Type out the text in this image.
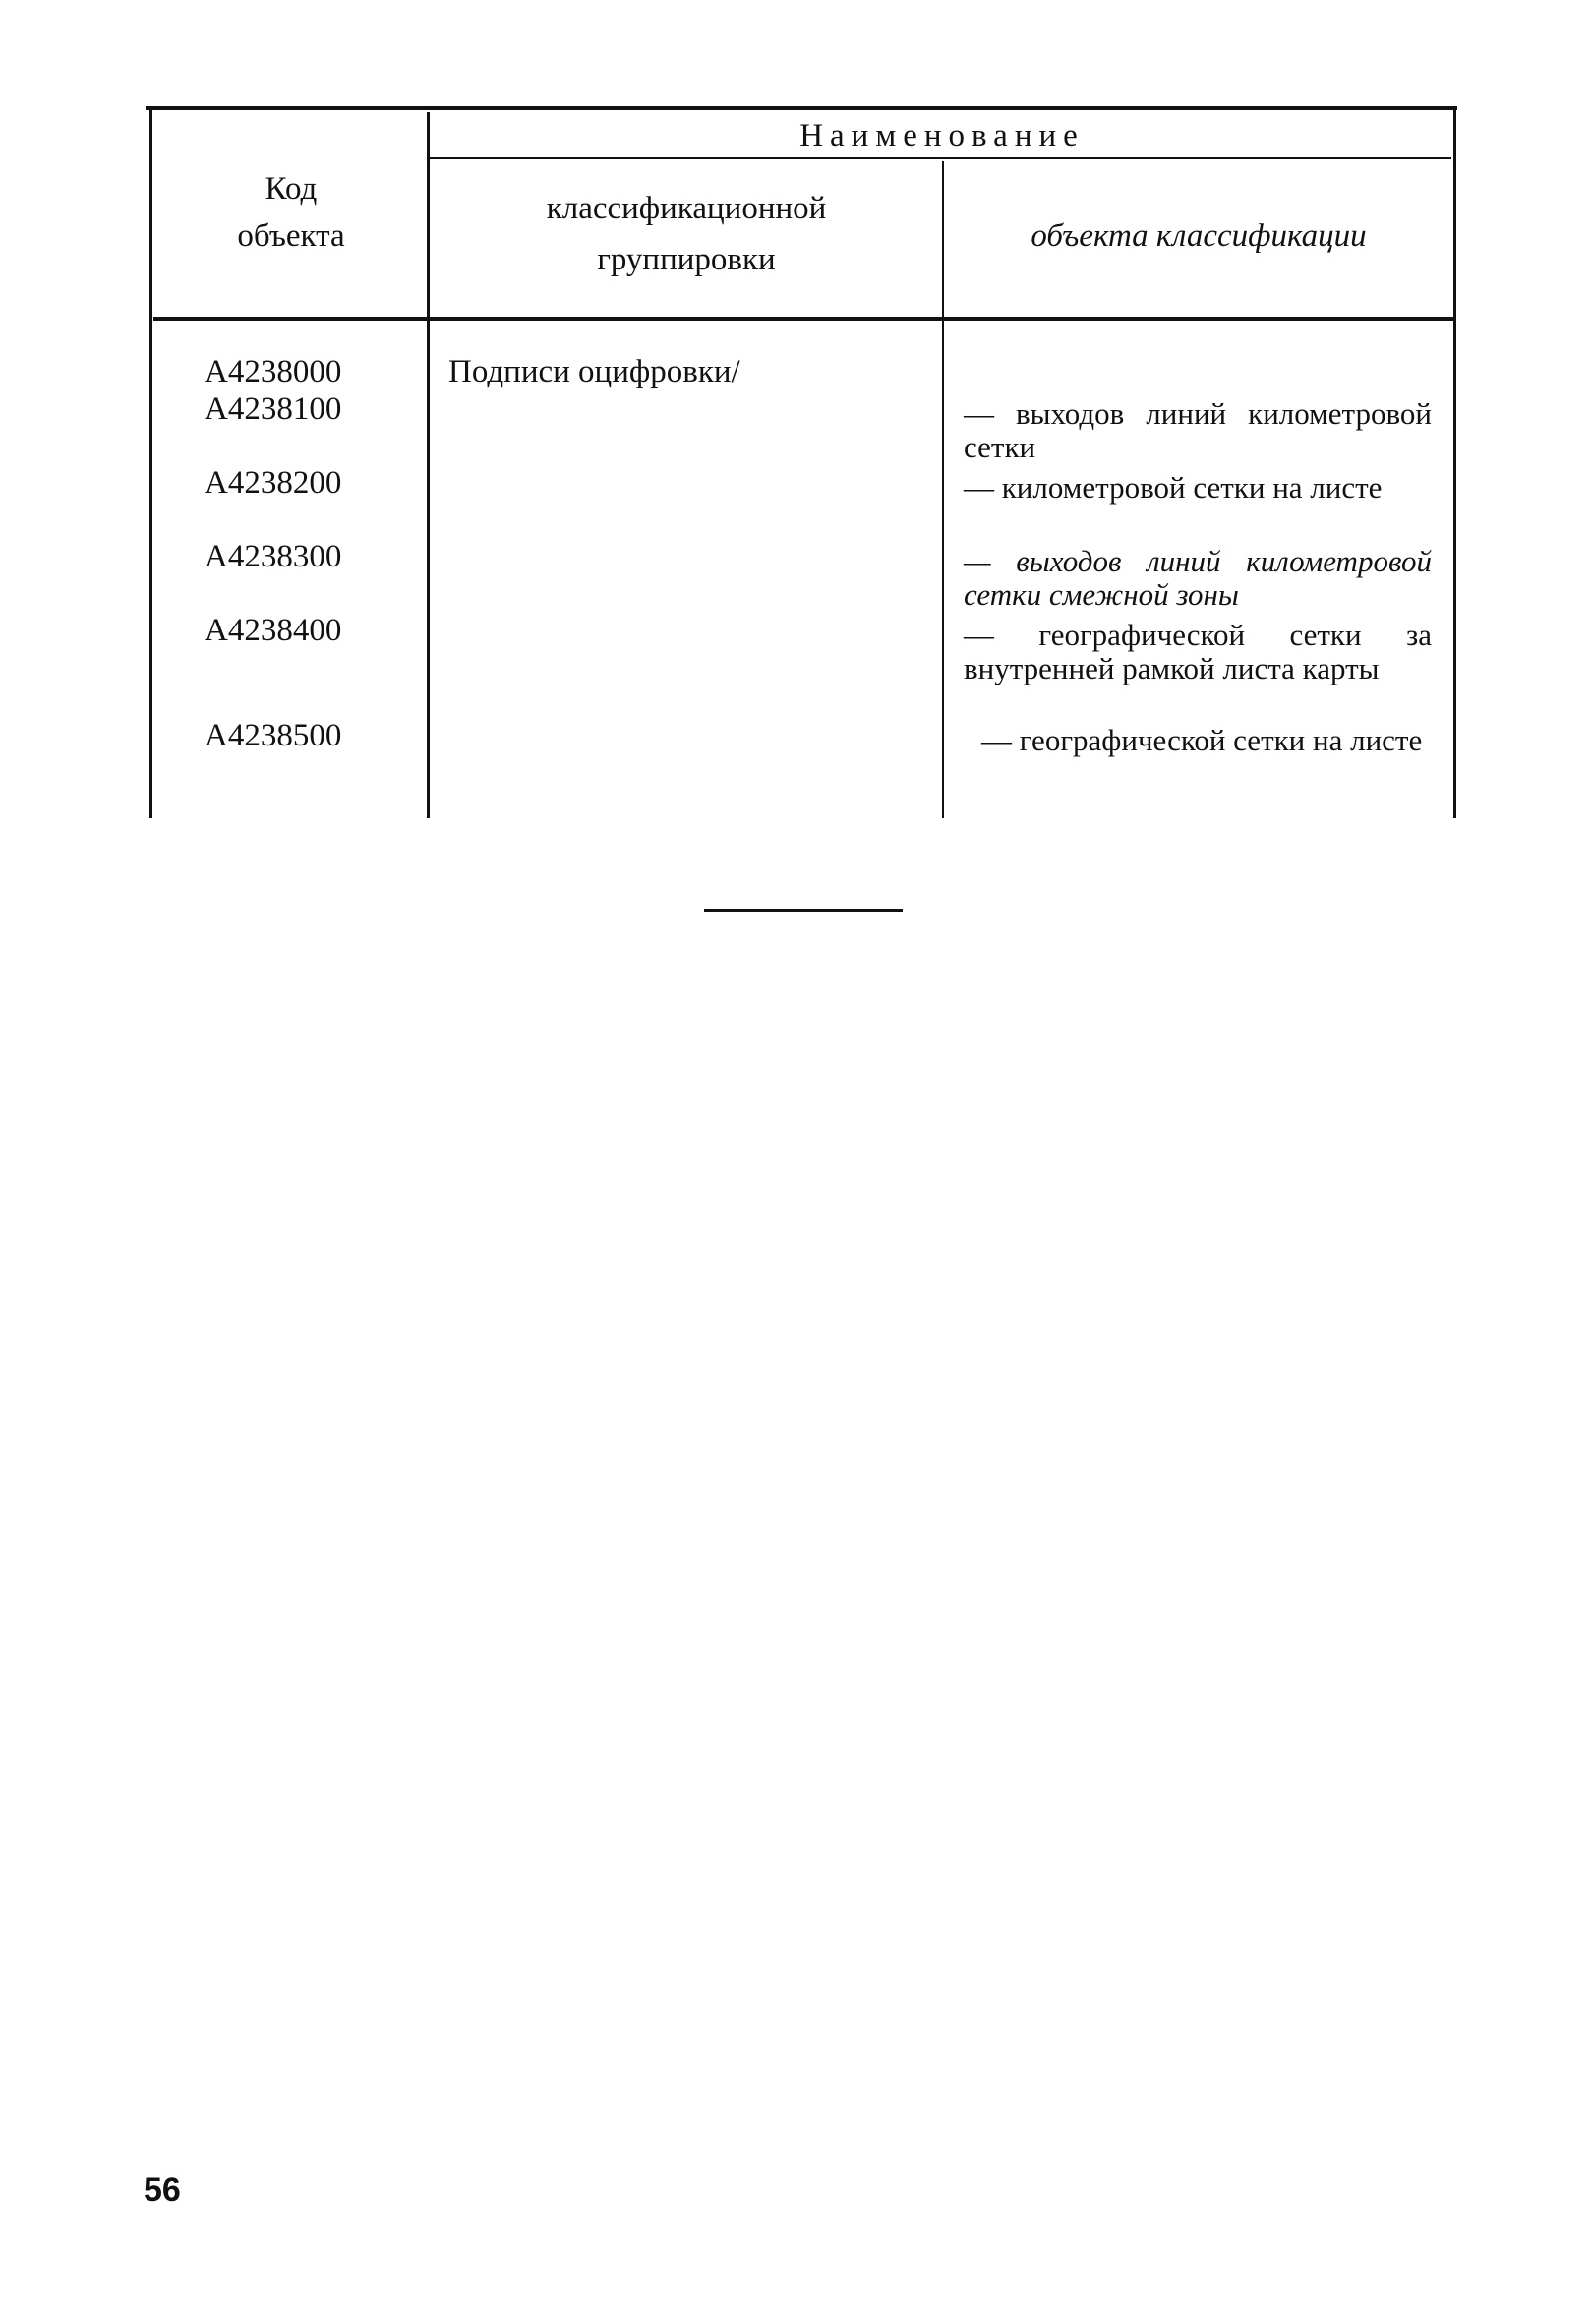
Код
объекта
Наименование
классификационной
группировки
объекта классификации
А4238000
А4238100
А4238200
А4238300
А4238400
А4238500
Подписи оцифровки/
— выходов линий километровой сетки
— километровой сетки на листе
— выходов линий километровой сетки смежной зоны
— географической сетки за внутренней рамкой листа карты
— географической сетки на листе
56
